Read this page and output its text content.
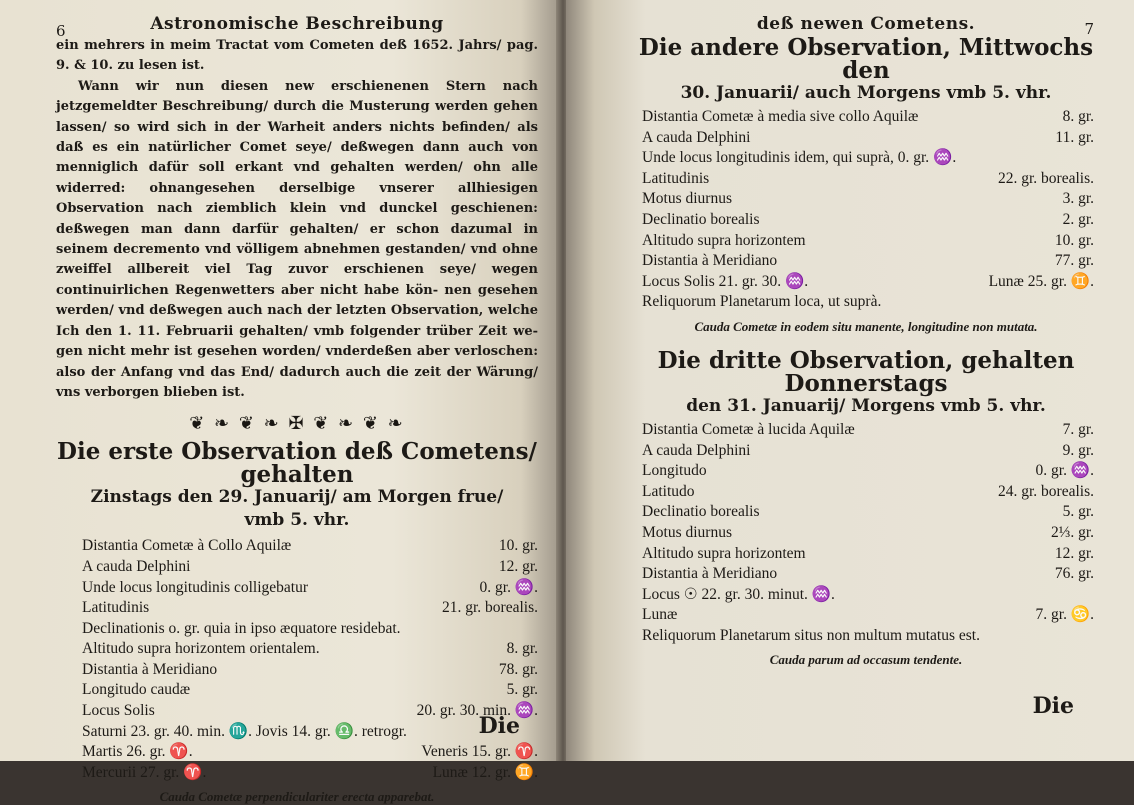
6	Astronomische Beschreibung

ein mehrers in meim Tractat vom Cometen deß 1652. Jahrs/ pag. 9. & 10. zu lesen ist.

Wann wir nun diesen new erschienenen Stern nach jetzgemeldter Beschreibung/ durch die Musterung werden gehen lassen/ so wird sich in der Warheit anders nichts befinden/ als daß es ein natürlicher Comet seye/ deßwegen dann auch von menniglich dafür soll erkant vnd gehalten werden/ ohn alle widerred: ohnangesehen derselbige vnserer allhiesigen Observation nach ziemblich klein vnd dunckel geschienen: deßwegen man dann darfür gehalten/ er schon dazumal in seinem decremento vnd völligem abnehmen gestanden/ vnd ohne zweiffel allbereit viel Tag zuvor erschienen seye/ wegen continuirlichen Regenwetters aber nicht habe kön- nen gesehen werden/ vnd deßwegen auch nach der letzten Observation, welche Ich den 1. 11. Februarii gehalten/ vmb folgender trüber Zeit we- gen nicht mehr ist gesehen worden/ vnderdeßen aber verloschen: also der Anfang vnd das End/ dadurch auch die zeit der Wärung/ vns verborgen blieben ist.

❦ ❧ ❦ ❧ ✠ ❦ ❧ ❦ ❧
Die erste Observation deß Cometens/ gehalten
Zinstags den 29. Januarij/ am Morgen frue/
vmb 5. vhr.
Distantia Cometæ à Collo Aquilæ	10. gr.
A cauda Delphini	12. gr.
Unde locus longitudinis colligebatur	0. gr. ♒.
Latitudinis	21. gr. borealis.
Declinationis o. gr. quia in ipso æquatore residebat.
Altitudo supra horizontem orientalem.	8. gr.
Distantia à Meridiano	78. gr.
Longitudo caudæ	5. gr.
Locus Solis	20. gr. 30. min. ♒.
Saturni 23. gr. 40. min. ♏. Jovis 14. gr. ♎. retrogr.
Martis 26. gr. ♈.	Veneris 15. gr. ♈.
Mercurii 27. gr. ♈.	Lunæ 12. gr. ♊.
Cauda Cometæ perpendiculariter erecta apparebat.
Die
deß newen Cometens.	7
Die andere Observation, Mittwochs den
30. Januarii/ auch Morgens vmb 5. vhr.
Distantia Cometæ à media sive collo Aquilæ	8. gr.
A cauda Delphini	11. gr.
Unde locus longitudinis idem, qui suprà, 0. gr. ♒.
Latitudinis	22. gr. borealis.
Motus diurnus	3. gr.
Declinatio borealis	2. gr.
Altitudo supra horizontem	10. gr.
Distantia à Meridiano	77. gr.
Locus Solis 21. gr. 30. ♒.	Lunæ 25. gr. ♊.
Reliquorum Planetarum loca, ut suprà.
Cauda Cometæ in eodem situ manente, longitudine non mutata.
Die dritte Observation, gehalten Donnerstags
den 31. Januarij/ Morgens vmb 5. vhr.
Distantia Cometæ à lucida Aquilæ	7. gr.
A cauda Delphini	9. gr.
Longitudo	0. gr. ♒.
Latitudo	24. gr. borealis.
Declinatio borealis	5. gr.
Motus diurnus	2⅓. gr.
Altitudo supra horizontem	12. gr.
Distantia à Meridiano	76. gr.
Locus ☉ 22. gr. 30. minut. ♒.
Lunæ	7. gr. ♋.
Reliquorum Planetarum situs non multum mutatus est.
Cauda parum ad occasum tendente.
Die
